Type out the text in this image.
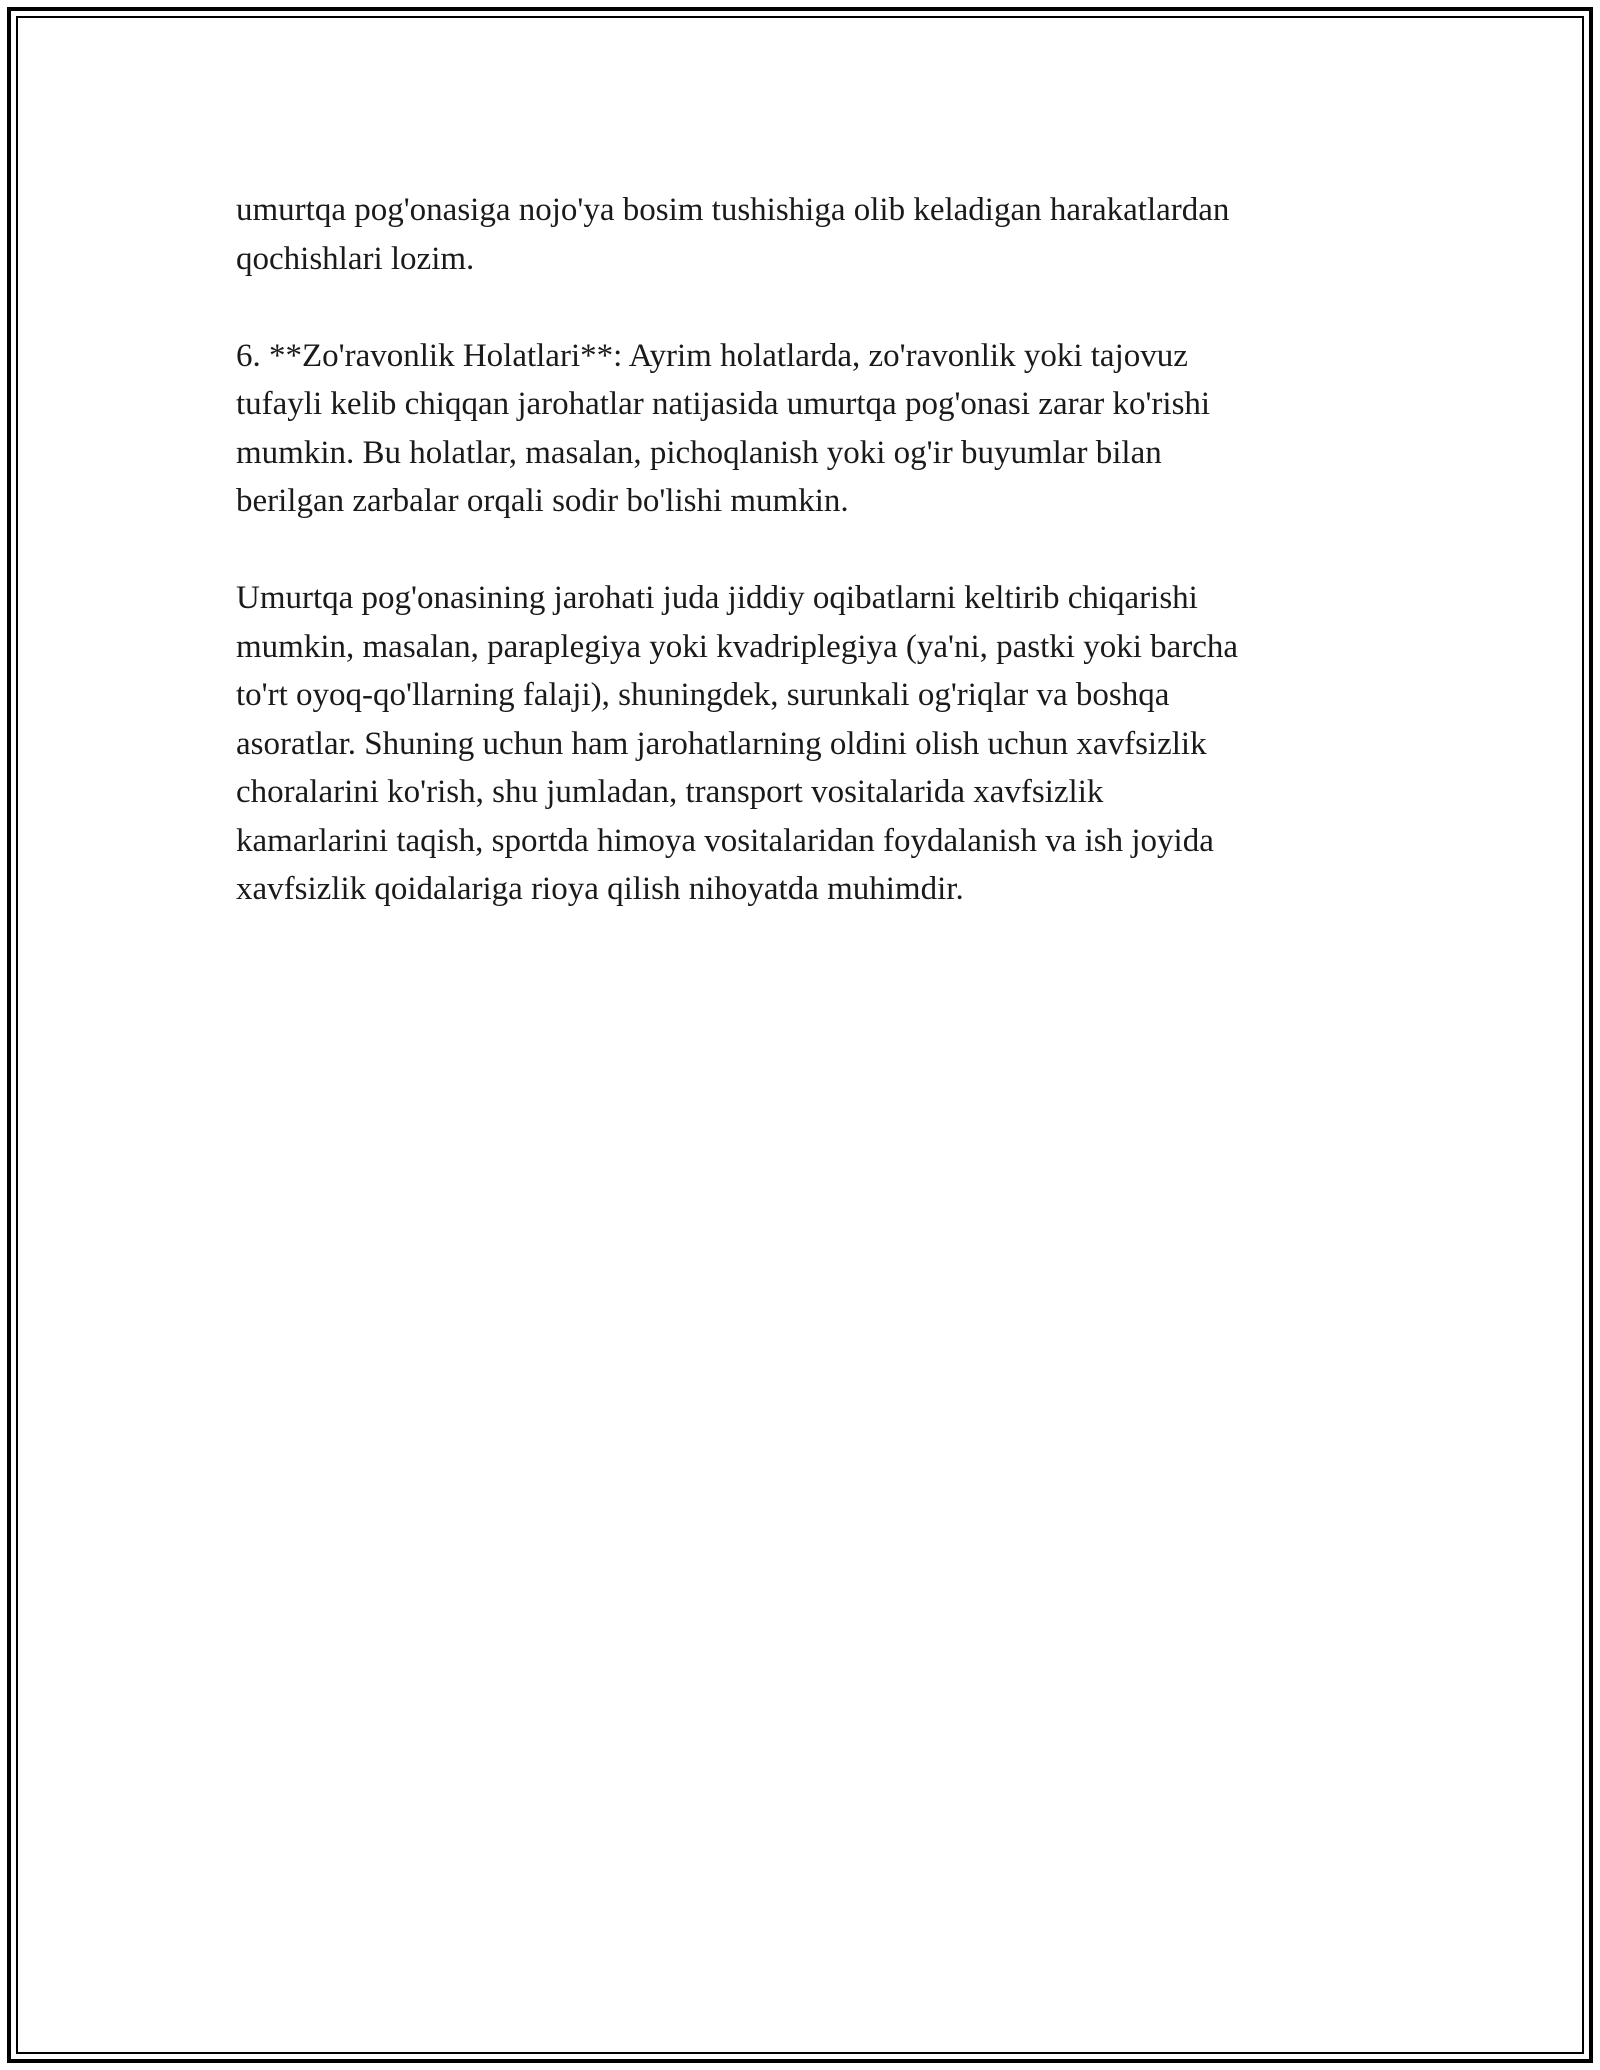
umurtqa pog'onasiga nojo'ya bosim tushishiga olib keladigan harakatlardan
qochishlari lozim.

6. **Zo'ravonlik Holatlari**: Ayrim holatlarda, zo'ravonlik yoki tajovuz
tufayli kelib chiqqan jarohatlar natijasida umurtqa pog'onasi zarar ko'rishi
mumkin. Bu holatlar, masalan, pichoqlanish yoki og'ir buyumlar bilan
berilgan zarbalar orqali sodir bo'lishi mumkin.

Umurtqa pog'onasining jarohati juda jiddiy oqibatlarni keltirib chiqarishi
mumkin, masalan, paraplegiya yoki kvadriplegiya (ya'ni, pastki yoki barcha
to'rt oyoq-qo'llarning falaji), shuningdek, surunkali og'riqlar va boshqa
asoratlar. Shuning uchun ham jarohatlarning oldini olish uchun xavfsizlik
choralarini ko'rish, shu jumladan, transport vositalarida xavfsizlik
kamarlarini taqish, sportda himoya vositalaridan foydalanish va ish joyida
xavfsizlik qoidalariga rioya qilish nihoyatda muhimdir.
